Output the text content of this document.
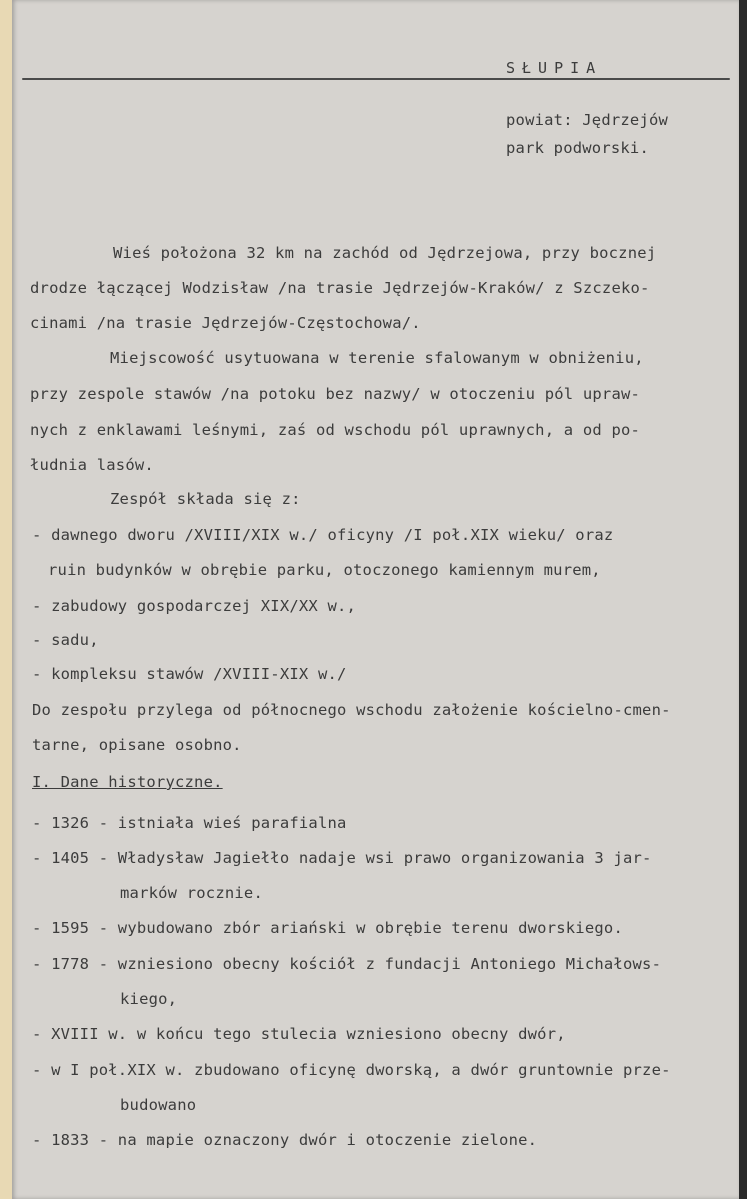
SŁUPIA
powiat: Jędrzejów
park podworski.
Wieś położona 32 km na zachód od Jędrzejowa, przy bocznej
drodze łączącej Wodzisław /na trasie Jędrzejów-Kraków/ z Szczeko-
cinami /na trasie Jędrzejów-Częstochowa/.
Miejscowość usytuowana w terenie sfalowanym w obniżeniu,
przy zespole stawów /na potoku bez nazwy/ w otoczeniu pól upraw-
nych z enklawami leśnymi, zaś od wschodu pól uprawnych, a od po-
łudnia lasów.
Zespół składa się z:
- dawnego dworu /XVIII/XIX w./ oficyny /I poł.XIX wieku/ oraz
ruin budynków w obrębie parku, otoczonego kamiennym murem,
- zabudowy gospodarczej XIX/XX w.,
- sadu,
- kompleksu stawów /XVIII-XIX w./
Do zespołu przylega od północnego wschodu założenie kościelno-cmen-
tarne, opisane osobno.
I. Dane historyczne.
- 1326 - istniała wieś parafialna
- 1405 - Władysław Jagiełło nadaje wsi prawo organizowania 3 jar-
marków rocznie.
- 1595 - wybudowano zbór ariański w obrębie terenu dworskiego.
- 1778 - wzniesiono obecny kościół z fundacji Antoniego Michałows-
kiego,
- XVIII w. w końcu tego stulecia wzniesiono obecny dwór,
- w I poł.XIX w. zbudowano oficynę dworską, a dwór gruntownie prze-
budowano
- 1833 - na mapie oznaczony dwór i otoczenie zielone.
